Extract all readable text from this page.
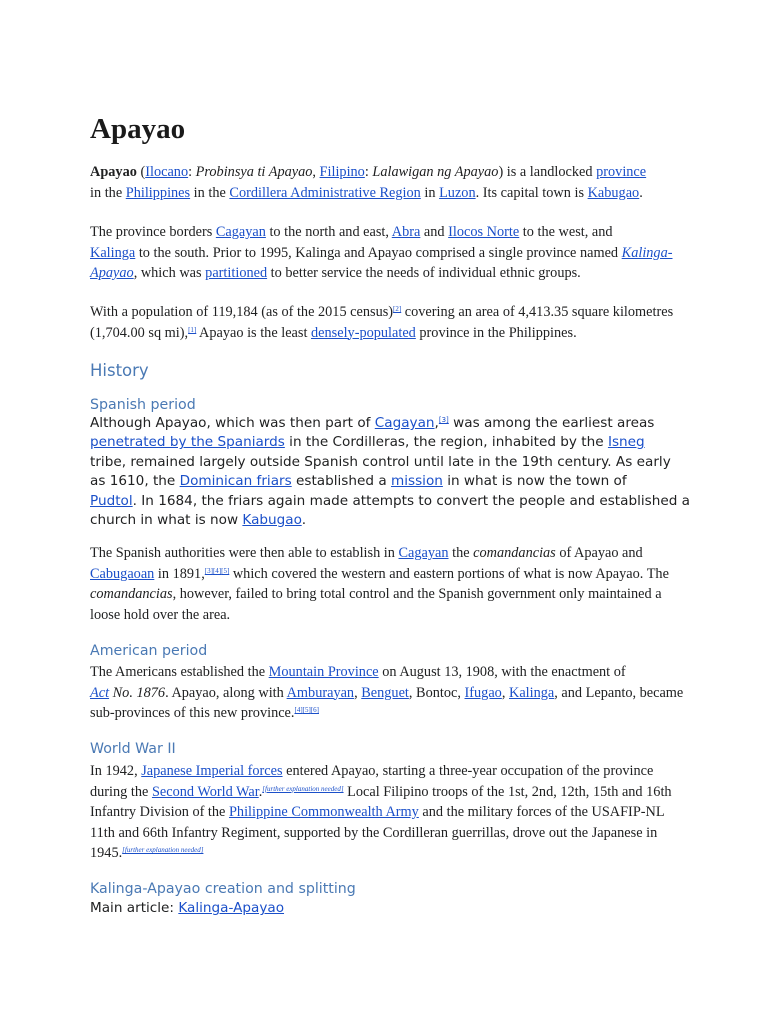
Apayao

Apayao (Ilocano: Probinsya ti Apayao, Filipino: Lalawigan ng Apayao) is a landlocked province
in the Philippines in the Cordillera Administrative Region in Luzon. Its capital town is Kabugao.

The province borders Cagayan to the north and east, Abra and Ilocos Norte to the west, and
Kalinga to the south. Prior to 1995, Kalinga and Apayao comprised a single province named Kalinga-Apayao, which was partitioned to better service the needs of individual ethnic groups.

With a population of 119,184 (as of the 2015 census)[2] covering an area of 4,413.35 square kilometres (1,704.00 sq mi),[1] Apayao is the least densely-populated province in the Philippines.

History
Spanish period

Although Apayao, which was then part of Cagayan,[3] was among the earliest areas
penetrated by the Spaniards in the Cordilleras, the region, inhabited by the Isneg
tribe, remained largely outside Spanish control until late in the 19th century. As early as 1610, the Dominican friars established a mission in what is now the town of
Pudtol. In 1684, the friars again made attempts to convert the people and established a church in what is now Kabugao.

The Spanish authorities were then able to establish in Cagayan the comandancias of Apayao and
Cabugaoan in 1891,[3][4][5] which covered the western and eastern portions of what is now Apayao. The comandancias, however, failed to bring total control and the Spanish government only maintained a loose hold over the area.

American period

The Americans established the Mountain Province on August 13, 1908, with the enactment of
Act No. 1876. Apayao, along with Amburayan, Benguet, Bontoc, Ifugao, Kalinga, and Lepanto, became sub-provinces of this new province.[4][5][6]

World War II

In 1942, Japanese Imperial forces entered Apayao, starting a three-year occupation of the province during the Second World War.[further explanation needed] Local Filipino troops of the 1st, 2nd, 12th, 15th and 16th Infantry Division of the Philippine Commonwealth Army and the military forces of the USAFIP-NL 11th and 66th Infantry Regiment, supported by the Cordilleran guerrillas, drove out the Japanese in 1945.[further explanation needed]

Kalinga-Apayao creation and splitting

Main article: Kalinga-Apayao
